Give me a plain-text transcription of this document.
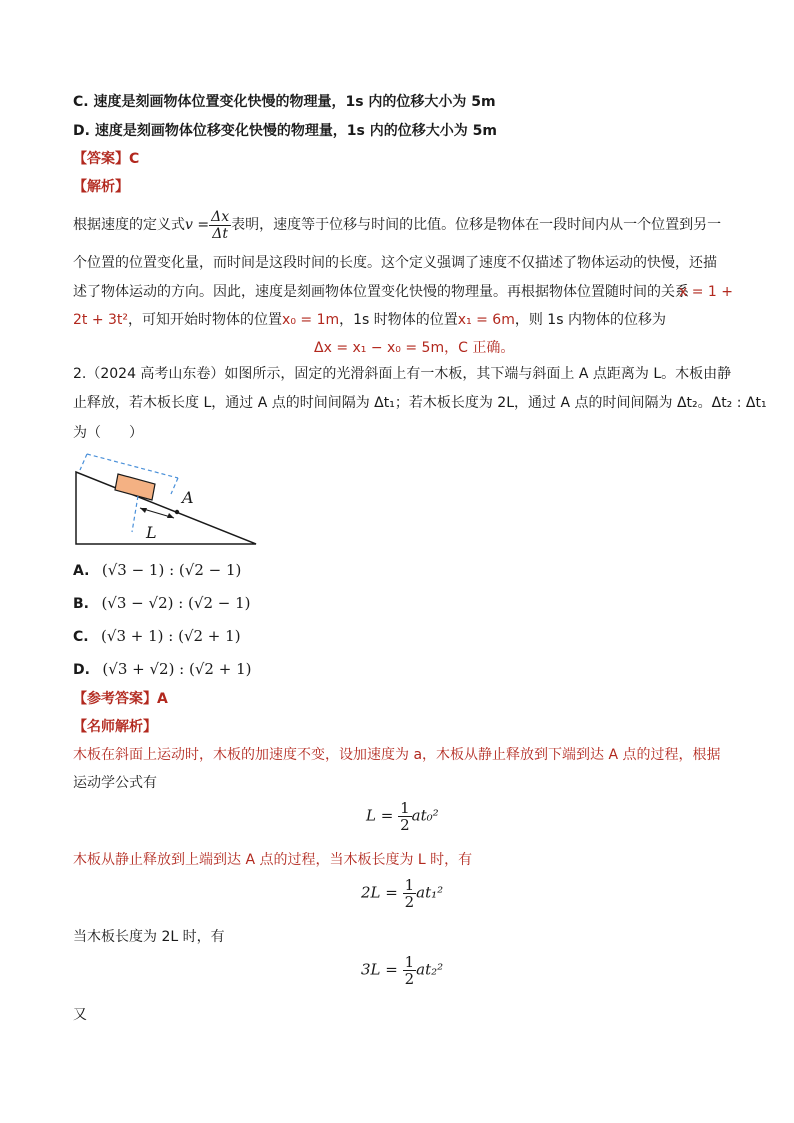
C. 速度是刻画物体位置变化快慢的物理量，1s 内的位移大小为 5m
D. 速度是刻画物体位移变化快慢的物理量，1s 内的位移大小为 5m
【答案】C
【解析】
根据速度的定义式$v = \frac{\Delta x}{\Delta t}$ 表明，速度等于位移与时间的比值。位移是物体在一段时间内从一个位置到另一
个位置的位置变化量，而时间是这段时间的长度。这个定义强调了速度不仅描述了物体运动的快慢，还描
述了物体运动的方向。因此，速度是刻画物体位置变化快慢的物理量。再根据物体位置随时间的关系
x = 1 +
2t + 3t²，可知开始时物体的位置x₀ = 1m，1s 时物体的位置x₁ = 6m，则 1s 内物体的位移为
Δx = x₁ − x₀ = 5m，C 正确。
2.（2024 高考山东卷）如图所示，固定的光滑斜面上有一木板，其下端与斜面上 A 点距离为 L。木板由静
止释放，若木板长度 L，通过 A 点的时间间隔为 Δt₁；若木板长度为 2L，通过 A 点的时间间隔为 Δt₂。Δt₂ : Δt₁
为（　　）
A
L
A. (√3 − 1) : (√2 − 1)
B. (√3 − √2) : (√2 − 1)
C. (√3 + 1) : (√2 + 1)
D. (√3 + √2) : (√2 + 1)
【参考答案】A
【名师解析】
木板在斜面上运动时，木板的加速度不变，设加速度为 a，木板从静止释放到下端到达 A 点的过程，根据
运动学公式有
$L = \frac{1}{2} at_0^2$
木板从静止释放到上端到达 A 点的过程，当木板长度为 L 时，有
$2L = \frac{1}{2} at_1^2$
当木板长度为 2L 时，有
$3L = \frac{1}{2} at_2^2$
又
